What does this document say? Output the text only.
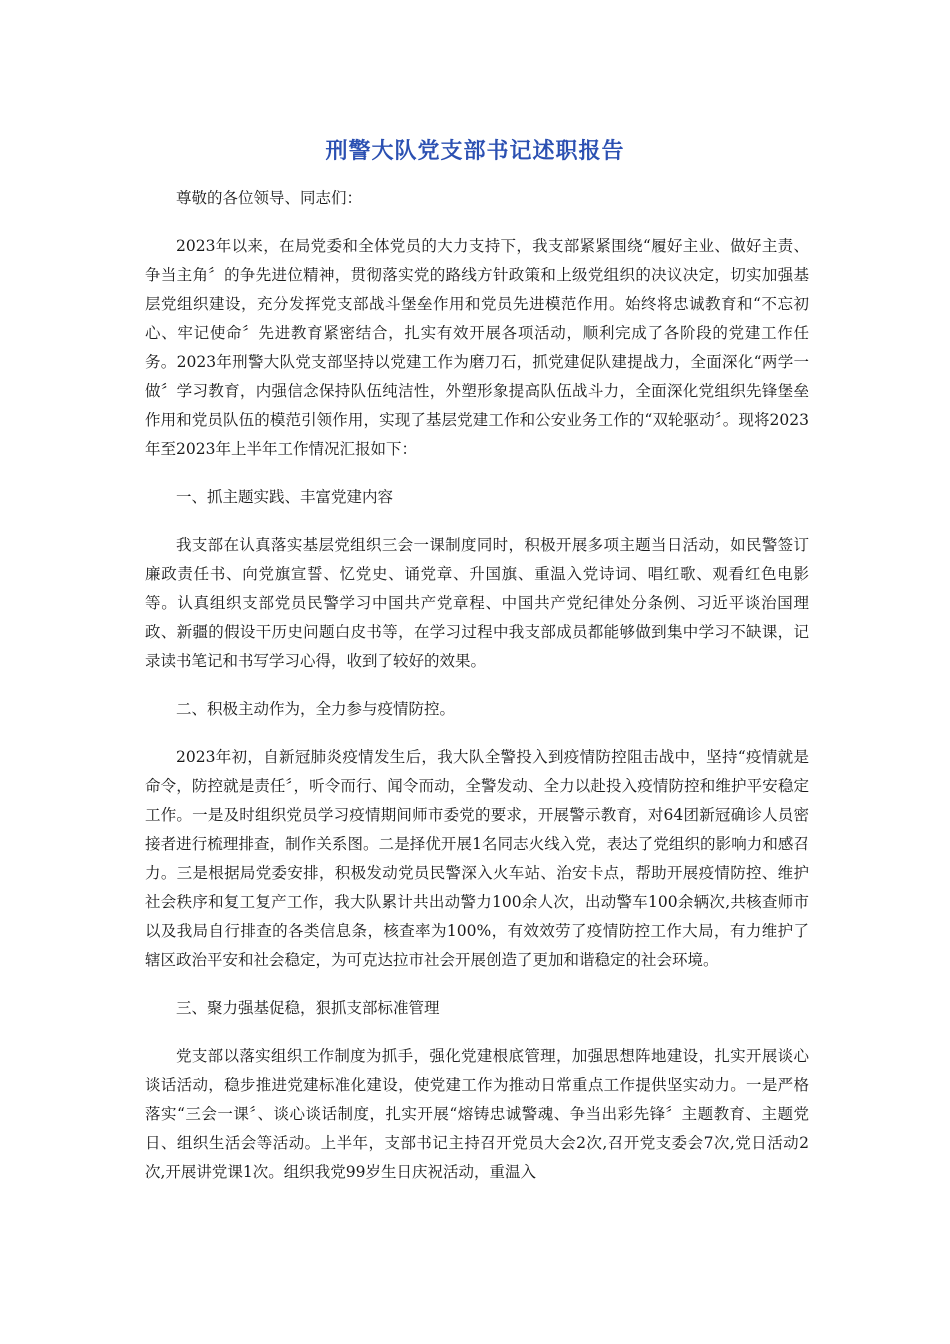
刑警大队党支部书记述职报告

尊敬的各位领导、同志们：

2023年以来，在局党委和全体党员的大力支持下，我支部紧紧围绕“履好主业、做好主责、争当主角〞的争先进位精神，贯彻落实党的路线方针政策和上级党组织的决议决定，切实加强基层党组织建设，充分发挥党支部战斗堡垒作用和党员先进模范作用。始终将忠诚教育和“不忘初心、牢记使命〞先进教育紧密结合，扎实有效开展各项活动，顺利完成了各阶段的党建工作任务。2023年刑警大队党支部坚持以党建工作为磨刀石，抓党建促队建提战力，全面深化“两学一做〞学习教育，内强信念保持队伍纯洁性，外塑形象提高队伍战斗力，全面深化党组织先锋堡垒作用和党员队伍的模范引领作用，实现了基层党建工作和公安业务工作的“双轮驱动〞。现将2023年至2023年上半年工作情况汇报如下：

一、抓主题实践、丰富党建内容

我支部在认真落实基层党组织三会一课制度同时，积极开展多项主题当日活动，如民警签订廉政责任书、向党旗宣誓、忆党史、诵党章、升国旗、重温入党诗词、唱红歌、观看红色电影等。认真组织支部党员民警学习中国共产党章程、中国共产党纪律处分条例、习近平谈治国理政、新疆的假设干历史问题白皮书等，在学习过程中我支部成员都能够做到集中学习不缺课，记录读书笔记和书写学习心得，收到了较好的效果。

二、积极主动作为，全力参与疫情防控。

2023年初，自新冠肺炎疫情发生后，我大队全警投入到疫情防控阻击战中，坚持“疫情就是命令，防控就是责任〞，听令而行、闻令而动，全警发动、全力以赴投入疫情防控和维护平安稳定工作。一是及时组织党员学习疫情期间师市委党的要求，开展警示教育，对64团新冠确诊人员密接者进行梳理排查，制作关系图。二是择优开展1名同志火线入党，表达了党组织的影响力和感召力。三是根据局党委安排，积极发动党员民警深入火车站、治安卡点，帮助开展疫情防控、维护社会秩序和复工复产工作，我大队累计共出动警力100余人次，出动警车100余辆次,共核查师市以及我局自行排查的各类信息条，核查率为100%，有效效劳了疫情防控工作大局，有力维护了辖区政治平安和社会稳定，为可克达拉市社会开展创造了更加和谐稳定的社会环境。

三、聚力强基促稳，狠抓支部标准管理

党支部以落实组织工作制度为抓手，强化党建根底管理，加强思想阵地建设，扎实开展谈心谈话活动，稳步推进党建标准化建设，使党建工作为推动日常重点工作提供坚实动力。一是严格落实“三会一课〞、谈心谈话制度，扎实开展“熔铸忠诚警魂、争当出彩先锋〞主题教育、主题党日、组织生活会等活动。上半年，支部书记主持召开党员大会2次,召开党支委会7次,党日活动2次,开展讲党课1次。组织我党99岁生日庆祝活动，重温入
